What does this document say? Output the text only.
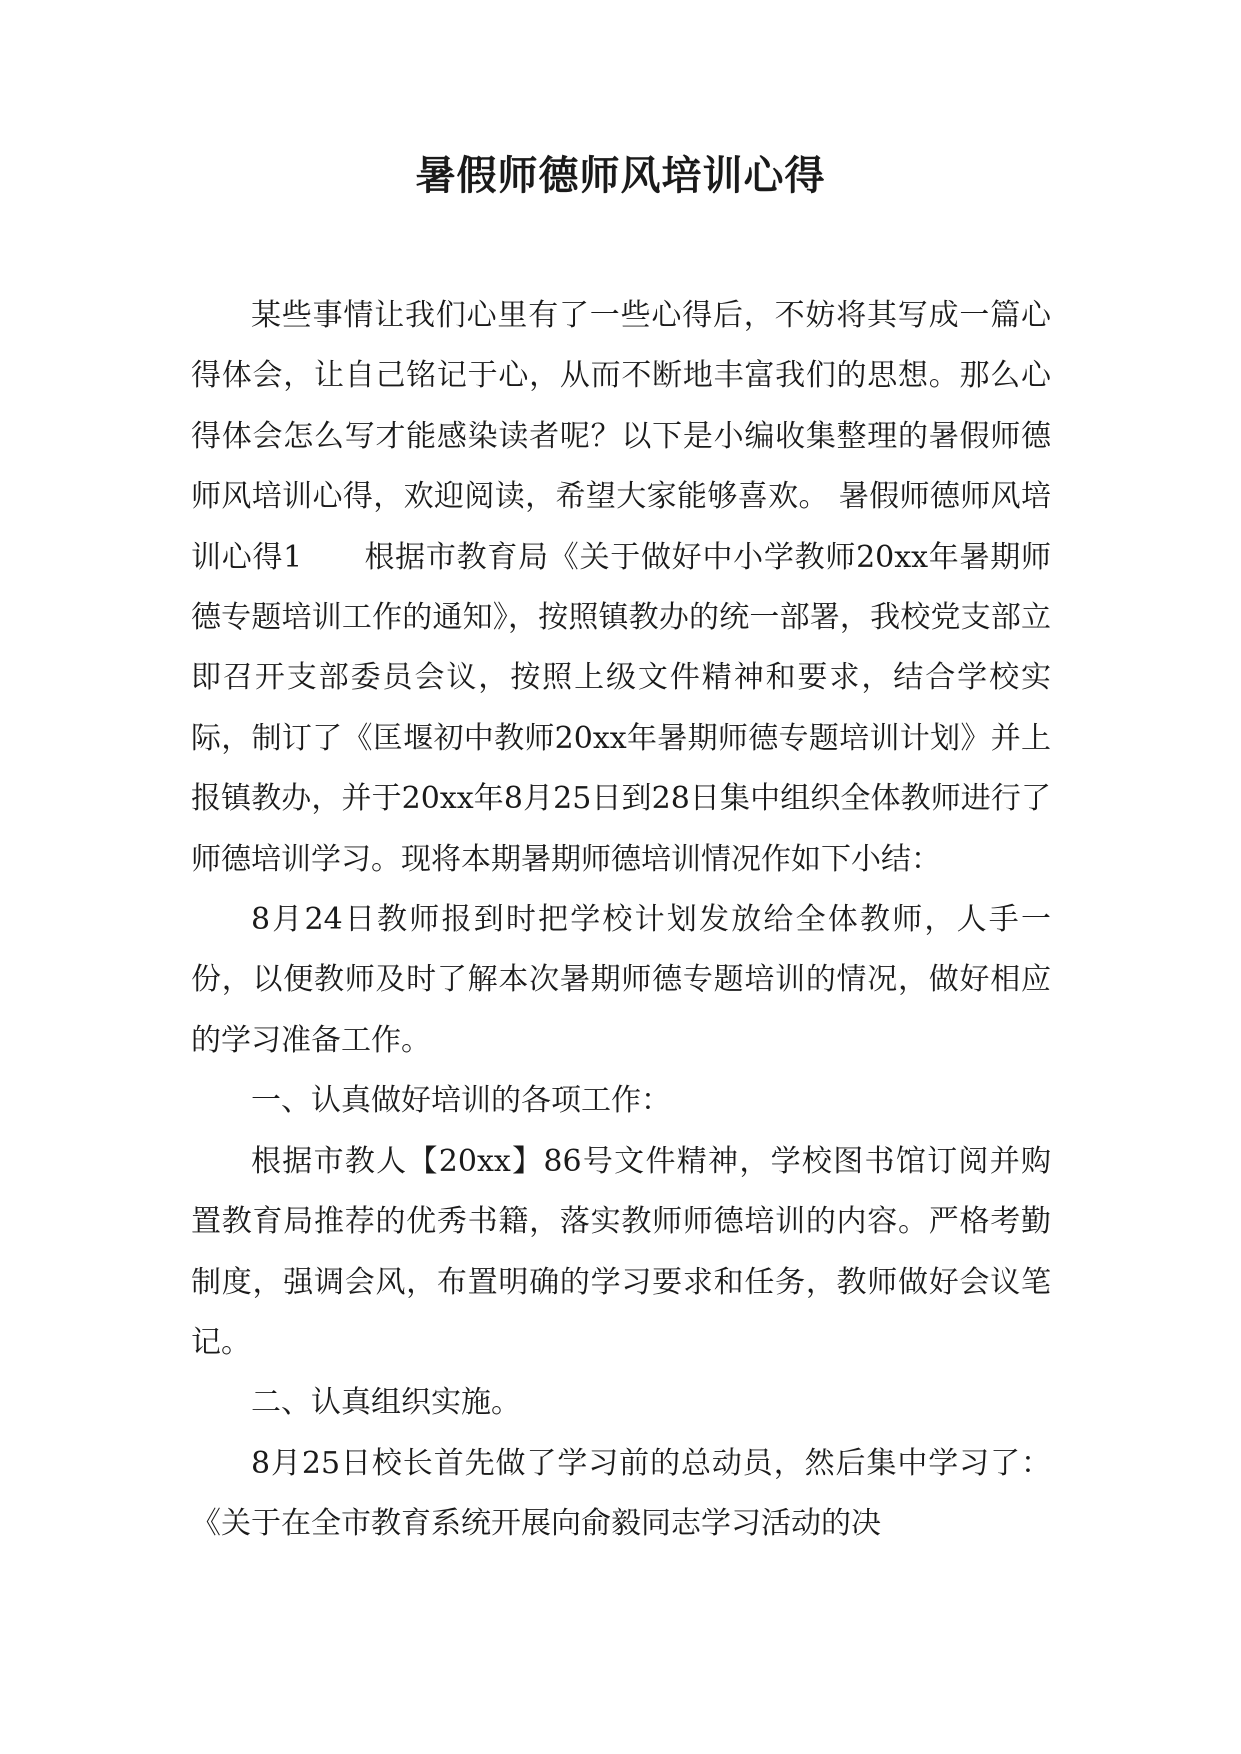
暑假师德师风培训心得

某些事情让我们心里有了一些心得后，不妨将其写成一篇心得体会，让自己铭记于心，从而不断地丰富我们的思想。那么心得体会怎么写才能感染读者呢？以下是小编收集整理的暑假师德师风培训心得，欢迎阅读，希望大家能够喜欢。 暑假师德师风培训心得1　　根据市教育局《关于做好中小学教师20xx年暑期师德专题培训工作的通知》，按照镇教办的统一部署，我校党支部立即召开支部委员会议，按照上级文件精神和要求，结合学校实际，制订了《匡堰初中教师20xx年暑期师德专题培训计划》并上报镇教办，并于20xx年8月25日到28日集中组织全体教师进行了师德培训学习。现将本期暑期师德培训情况作如下小结：

8月24日教师报到时把学校计划发放给全体教师，人手一份，以便教师及时了解本次暑期师德专题培训的情况，做好相应的学习准备工作。

一、认真做好培训的各项工作：

根据市教人【20xx】86号文件精神，学校图书馆订阅并购置教育局推荐的优秀书籍，落实教师师德培训的内容。严格考勤制度，强调会风，布置明确的学习要求和任务，教师做好会议笔记。

二、认真组织实施。

8月25日校长首先做了学习前的总动员，然后集中学习了：《关于在全市教育系统开展向俞毅同志学习活动的决
